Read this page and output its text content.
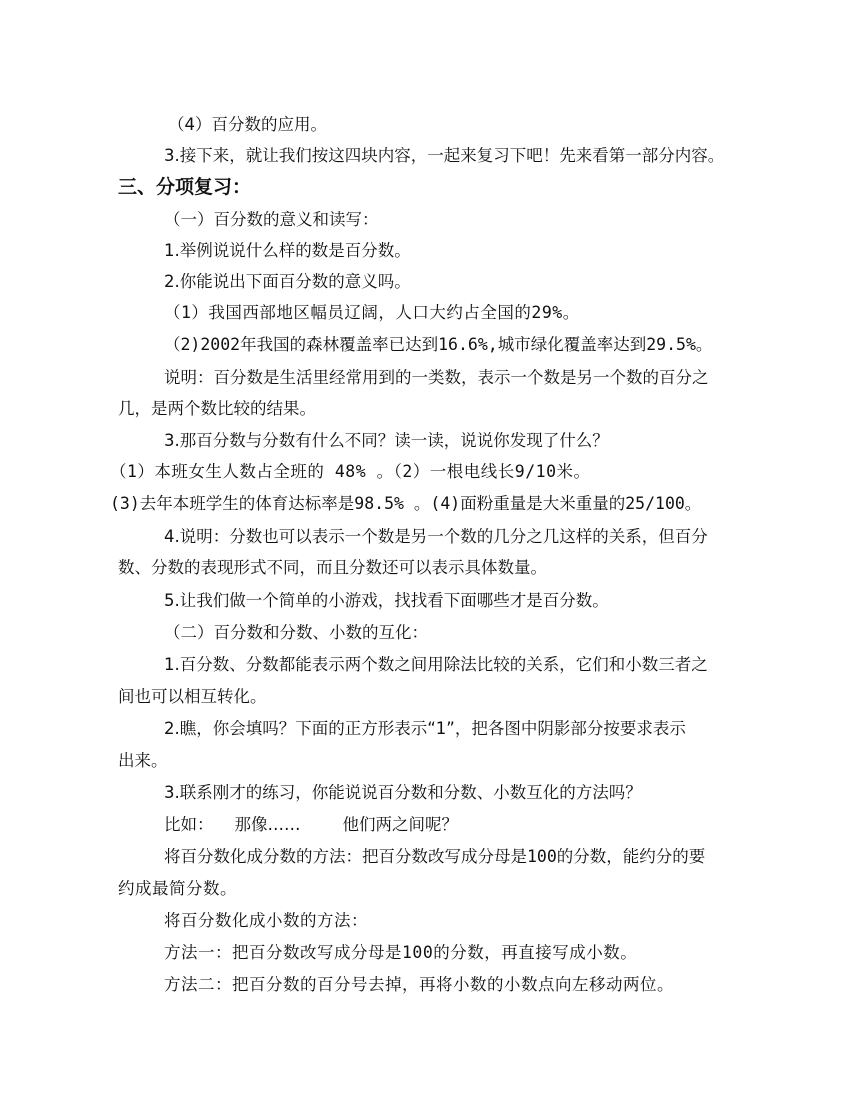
（4）百分数的应用。
3.接下来，就让我们按这四块内容，一起来复习下吧！先来看第一部分内容。
三、分项复习：
（一）百分数的意义和读写：
1.举例说说什么样的数是百分数。
2.你能说出下面百分数的意义吗。
（1）我国西部地区幅员辽阔，人口大约占全国的29%。
（2)2002年我国的森林覆盖率已达到16.6%,城市绿化覆盖率达到29.5%。
说明：百分数是生活里经常用到的一类数，表示一个数是另一个数的百分之
几，是两个数比较的结果。
3.那百分数与分数有什么不同？读一读，说说你发现了什么？
（1）本班女生人数占全班的 48% 。（2）一根电线长9/10米。
(3)去年本班学生的体育达标率是98.5% 。(4)面粉重量是大米重量的25/100。
4.说明：分数也可以表示一个数是另一个数的几分之几这样的关系，但百分
数、分数的表现形式不同，而且分数还可以表示具体数量。
5.让我们做一个简单的小游戏，找找看下面哪些才是百分数。
（二）百分数和分数、小数的互化：
1.百分数、分数都能表示两个数之间用除法比较的关系，它们和小数三者之
间也可以相互转化。
2.瞧，你会填吗？下面的正方形表示“1”，把各图中阴影部分按要求表示
出来。
3.联系刚才的练习，你能说说百分数和分数、小数互化的方法吗？
比如：    那像……        他们两之间呢？
将百分数化成分数的方法：把百分数改写成分母是100的分数，能约分的要
约成最简分数。
将百分数化成小数的方法：
方法一：把百分数改写成分母是100的分数，再直接写成小数。
方法二：把百分数的百分号去掉，再将小数的小数点向左移动两位。
